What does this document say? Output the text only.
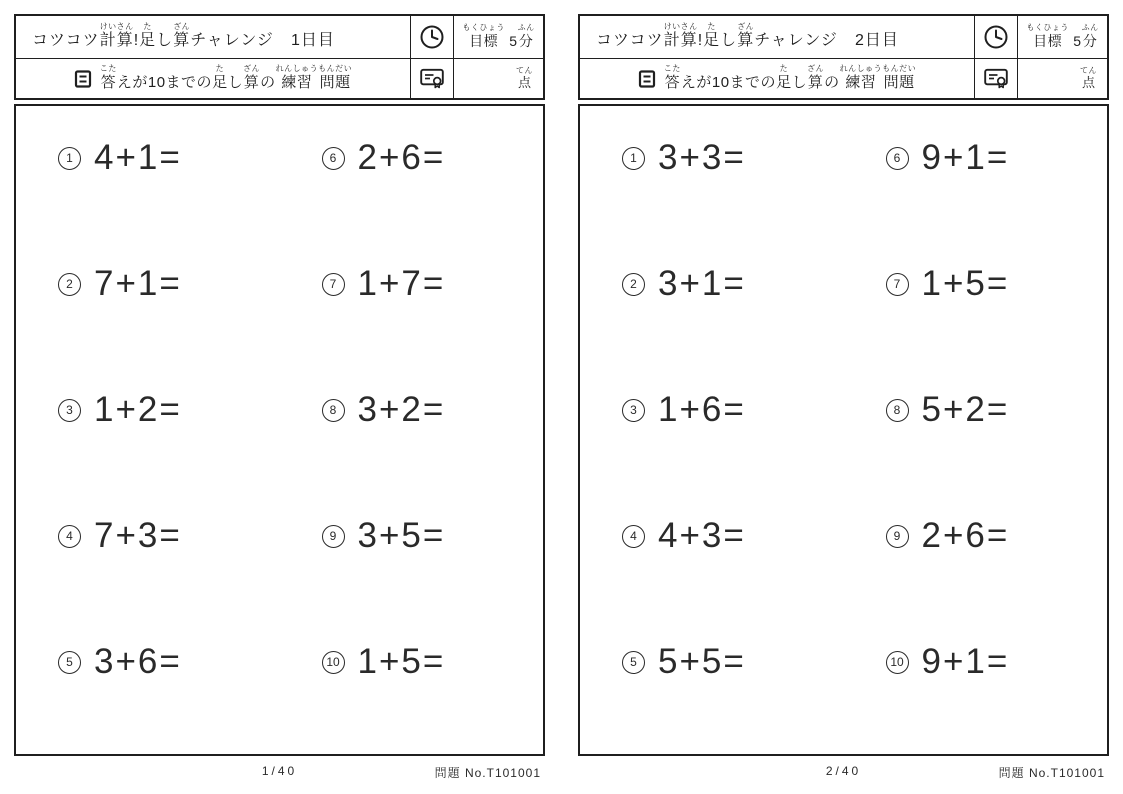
コツコツ
けいさん
計算 !
た
足 し
ざん
算 チャレンジ 　1日目
もくひょう
目標 5
ふん
分
こた
答 えが10までの
た
足 し
ざん
算 の
れんしゅう
練習
もんだい
問題
てん
点
1 4+1=
2 7+1=
3 1+2=
4 7+3=
5 3+6=
6 2+6=
7 1+7=
8 3+2=
9 3+5=
10 1+5=
1/40	問題 No.T101001
コツコツ
けいさん
計算 !
た
足 し
ざん
算 チャレンジ 　2日目
もくひょう
目標 5
ふん
分
こた
答 えが10までの
た
足 し
ざん
算 の
れんしゅう
練習
もんだい
問題
てん
点
1 3+3=
2 3+1=
3 1+6=
4 4+3=
5 5+5=
6 9+1=
7 1+5=
8 5+2=
9 2+6=
10 9+1=
2/40	問題 No.T101001
